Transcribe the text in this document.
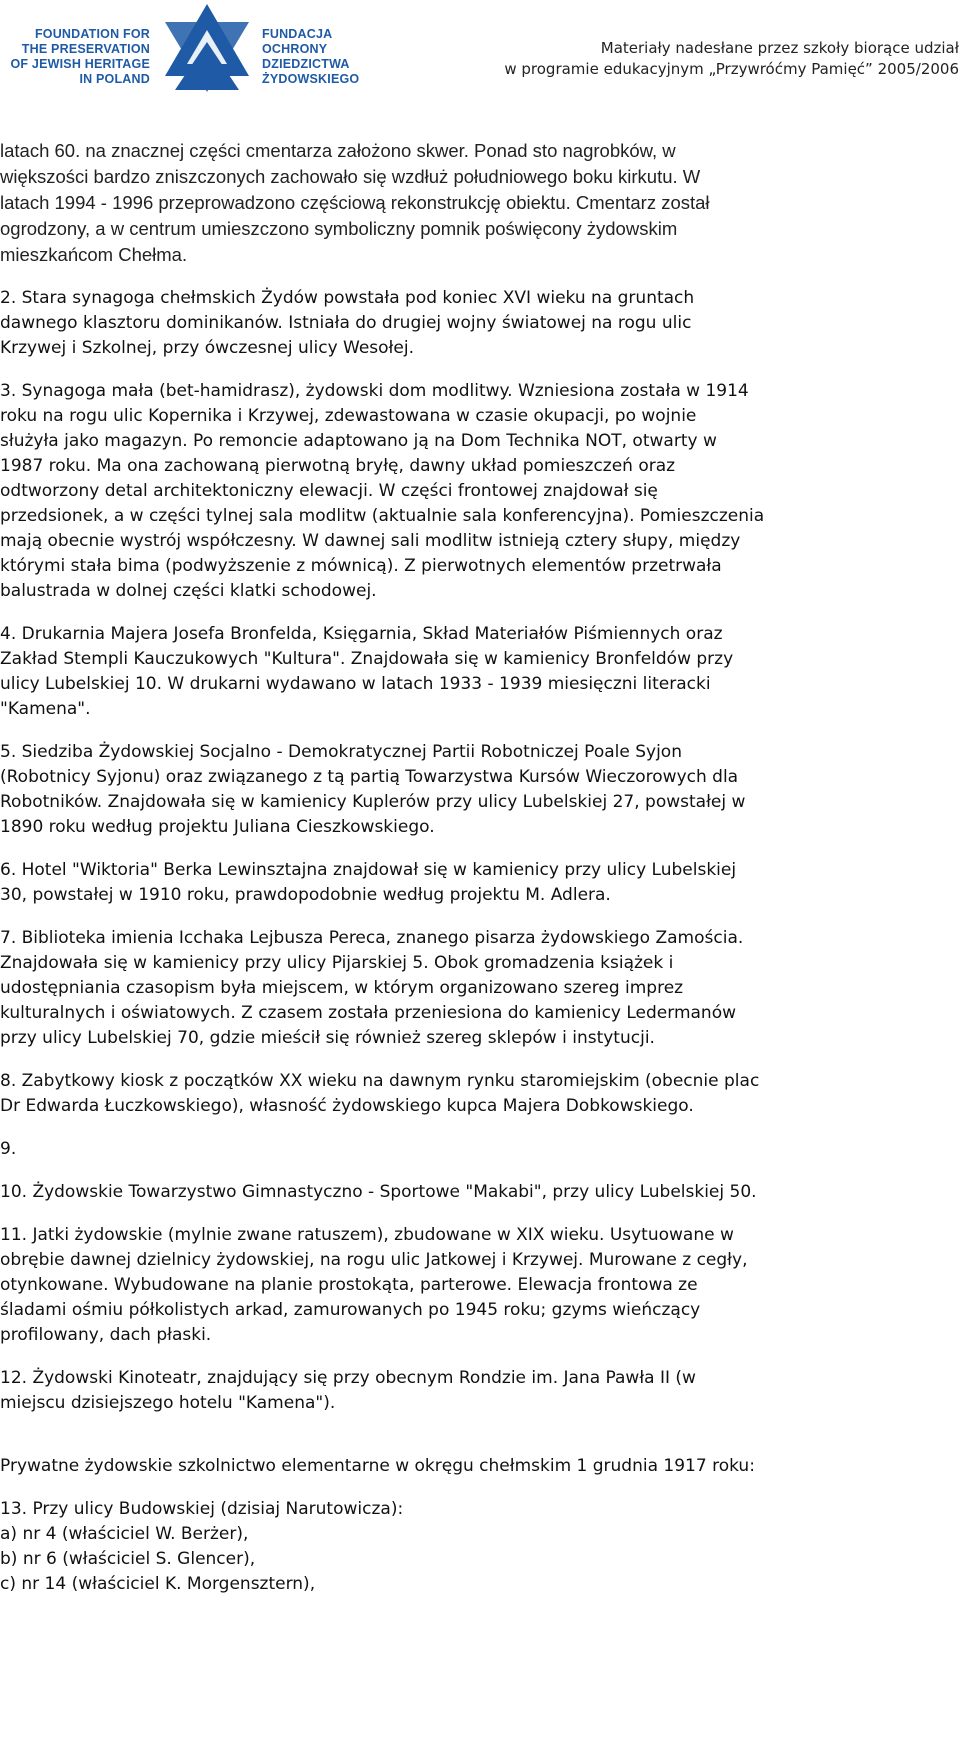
FOUNDATION FOR
THE PRESERVATION
OF JEWISH HERITAGE
IN POLAND
FUNDACJA
OCHRONY
DZIEDZICTWA
ŻYDOWSKIEGO
Materiały nadesłane przez szkoły biorące udział
w programie edukacyjnym „Przywróćmy Pamięć” 2005/2006

latach 60. na znacznej części cmentarza założono skwer. Ponad sto nagrobków, w
większości bardzo zniszczonych zachowało się wzdłuż południowego boku kirkutu. W
latach 1994 - 1996 przeprowadzono częściową rekonstrukcję obiektu. Cmentarz został
ogrodzony, a w centrum umieszczono symboliczny pomnik poświęcony żydowskim
mieszkańcom Chełma.

2. Stara synagoga chełmskich Żydów powstała pod koniec XVI wieku na gruntach
dawnego klasztoru dominikanów. Istniała do drugiej wojny światowej na rogu ulic
Krzywej i Szkolnej, przy ówczesnej ulicy Wesołej.

3. Synagoga mała (bet-hamidrasz), żydowski dom modlitwy. Wzniesiona została w 1914
roku na rogu ulic Kopernika i Krzywej, zdewastowana w czasie okupacji, po wojnie
służyła jako magazyn. Po remoncie adaptowano ją na Dom Technika NOT, otwarty w
1987 roku. Ma ona zachowaną pierwotną bryłę, dawny układ pomieszczeń oraz
odtworzony detal architektoniczny elewacji. W części frontowej znajdował się
przedsionek, a w części tylnej sala modlitw (aktualnie sala konferencyjna). Pomieszczenia
mają obecnie wystrój współczesny. W dawnej sali modlitw istnieją cztery słupy, między
którymi stała bima (podwyższenie z mównicą). Z pierwotnych elementów przetrwała
balustrada w dolnej części klatki schodowej.

4. Drukarnia Majera Josefa Bronfelda, Księgarnia, Skład Materiałów Piśmiennych oraz
Zakład Stempli Kauczukowych "Kultura". Znajdowała się w kamienicy Bronfeldów przy
ulicy Lubelskiej 10. W drukarni wydawano w latach 1933 - 1939 miesięczni literacki
"Kamena".

5. Siedziba Żydowskiej Socjalno - Demokratycznej Partii Robotniczej Poale Syjon
(Robotnicy Syjonu) oraz związanego z tą partią Towarzystwa Kursów Wieczorowych dla
Robotników. Znajdowała się w kamienicy Kuplerów przy ulicy Lubelskiej 27, powstałej w
1890 roku według projektu Juliana Cieszkowskiego.

6. Hotel "Wiktoria" Berka Lewinsztajna znajdował się w kamienicy przy ulicy Lubelskiej
30, powstałej w 1910 roku, prawdopodobnie według projektu M. Adlera.

7. Biblioteka imienia Icchaka Lejbusza Pereca, znanego pisarza żydowskiego Zamościa.
Znajdowała się w kamienicy przy ulicy Pijarskiej 5. Obok gromadzenia książek i
udostępniania czasopism była miejscem, w którym organizowano szereg imprez
kulturalnych i oświatowych. Z czasem została przeniesiona do kamienicy Ledermanów
przy ulicy Lubelskiej 70, gdzie mieścił się również szereg sklepów i instytucji.

8. Zabytkowy kiosk z początków XX wieku na dawnym rynku staromiejskim (obecnie plac
Dr Edwarda Łuczkowskiego), własność żydowskiego kupca Majera Dobkowskiego.

9.

10. Żydowskie Towarzystwo Gimnastyczno - Sportowe "Makabi", przy ulicy Lubelskiej 50.

11. Jatki żydowskie (mylnie zwane ratuszem), zbudowane w XIX wieku. Usytuowane w
obrębie dawnej dzielnicy żydowskiej, na rogu ulic Jatkowej i Krzywej. Murowane z cegły,
otynkowane. Wybudowane na planie prostokąta, parterowe. Elewacja frontowa ze
śladami ośmiu półkolistych arkad, zamurowanych po 1945 roku; gzyms wieńczący
profilowany, dach płaski.

12. Żydowski Kinoteatr, znajdujący się przy obecnym Rondzie im. Jana Pawła II (w
miejscu dzisiejszego hotelu "Kamena").

Prywatne żydowskie szkolnictwo elementarne w okręgu chełmskim 1 grudnia 1917 roku:

13. Przy ulicy Budowskiej (dzisiaj Narutowicza):
a) nr 4 (właściciel W. Berżer),
b) nr 6 (właściciel S. Glencer),
c) nr 14 (właściciel K. Morgensztern),
